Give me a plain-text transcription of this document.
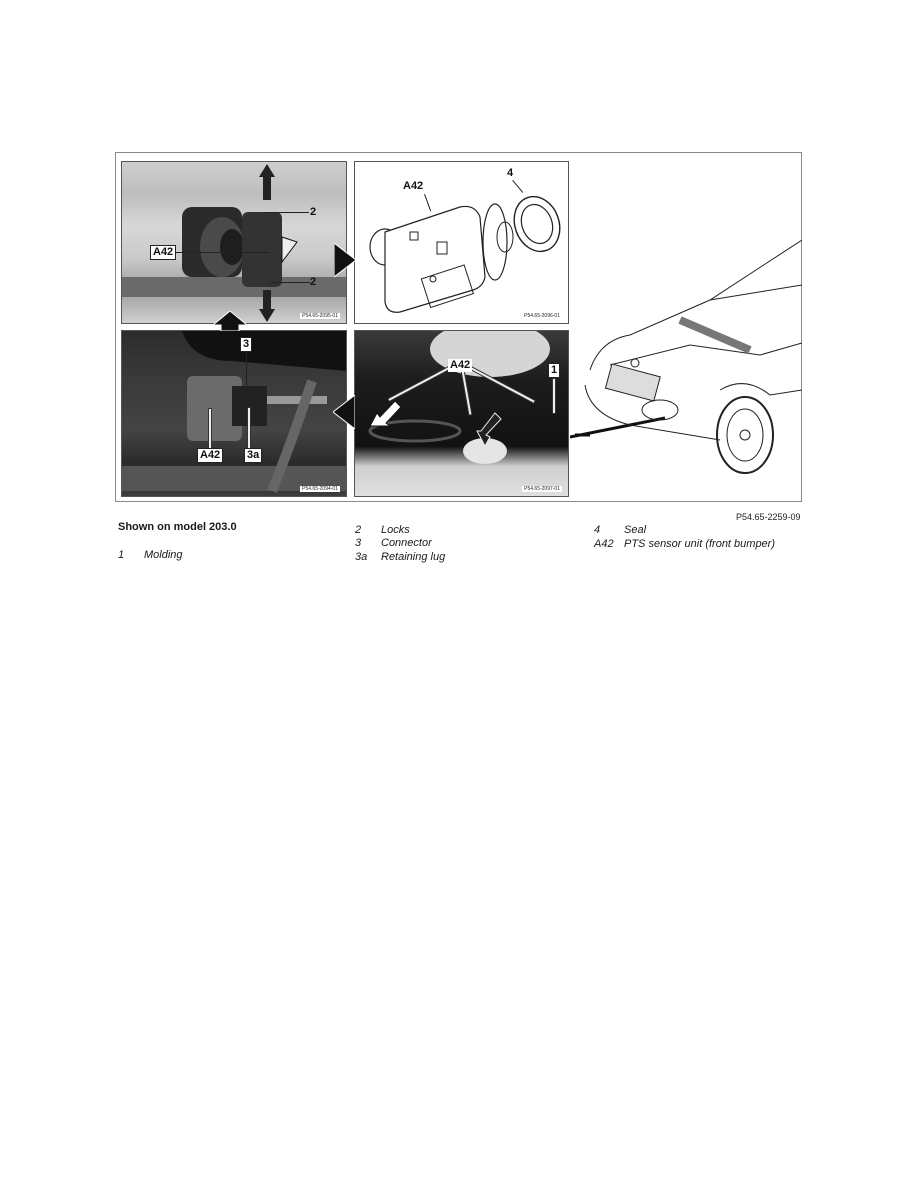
2
A42
2
P54.65-2095-01
A42
4
P54.65-2096-01
3
A42 3a
P54.65-2094-01
A42	1
P54.65-2097-01
P54.65-2259-09
Shown on model 203.0
1	Molding
2	Locks
3	Connector
3a	Retaining lug
4	Seal
A42 PTS sensor unit (front bumper)
